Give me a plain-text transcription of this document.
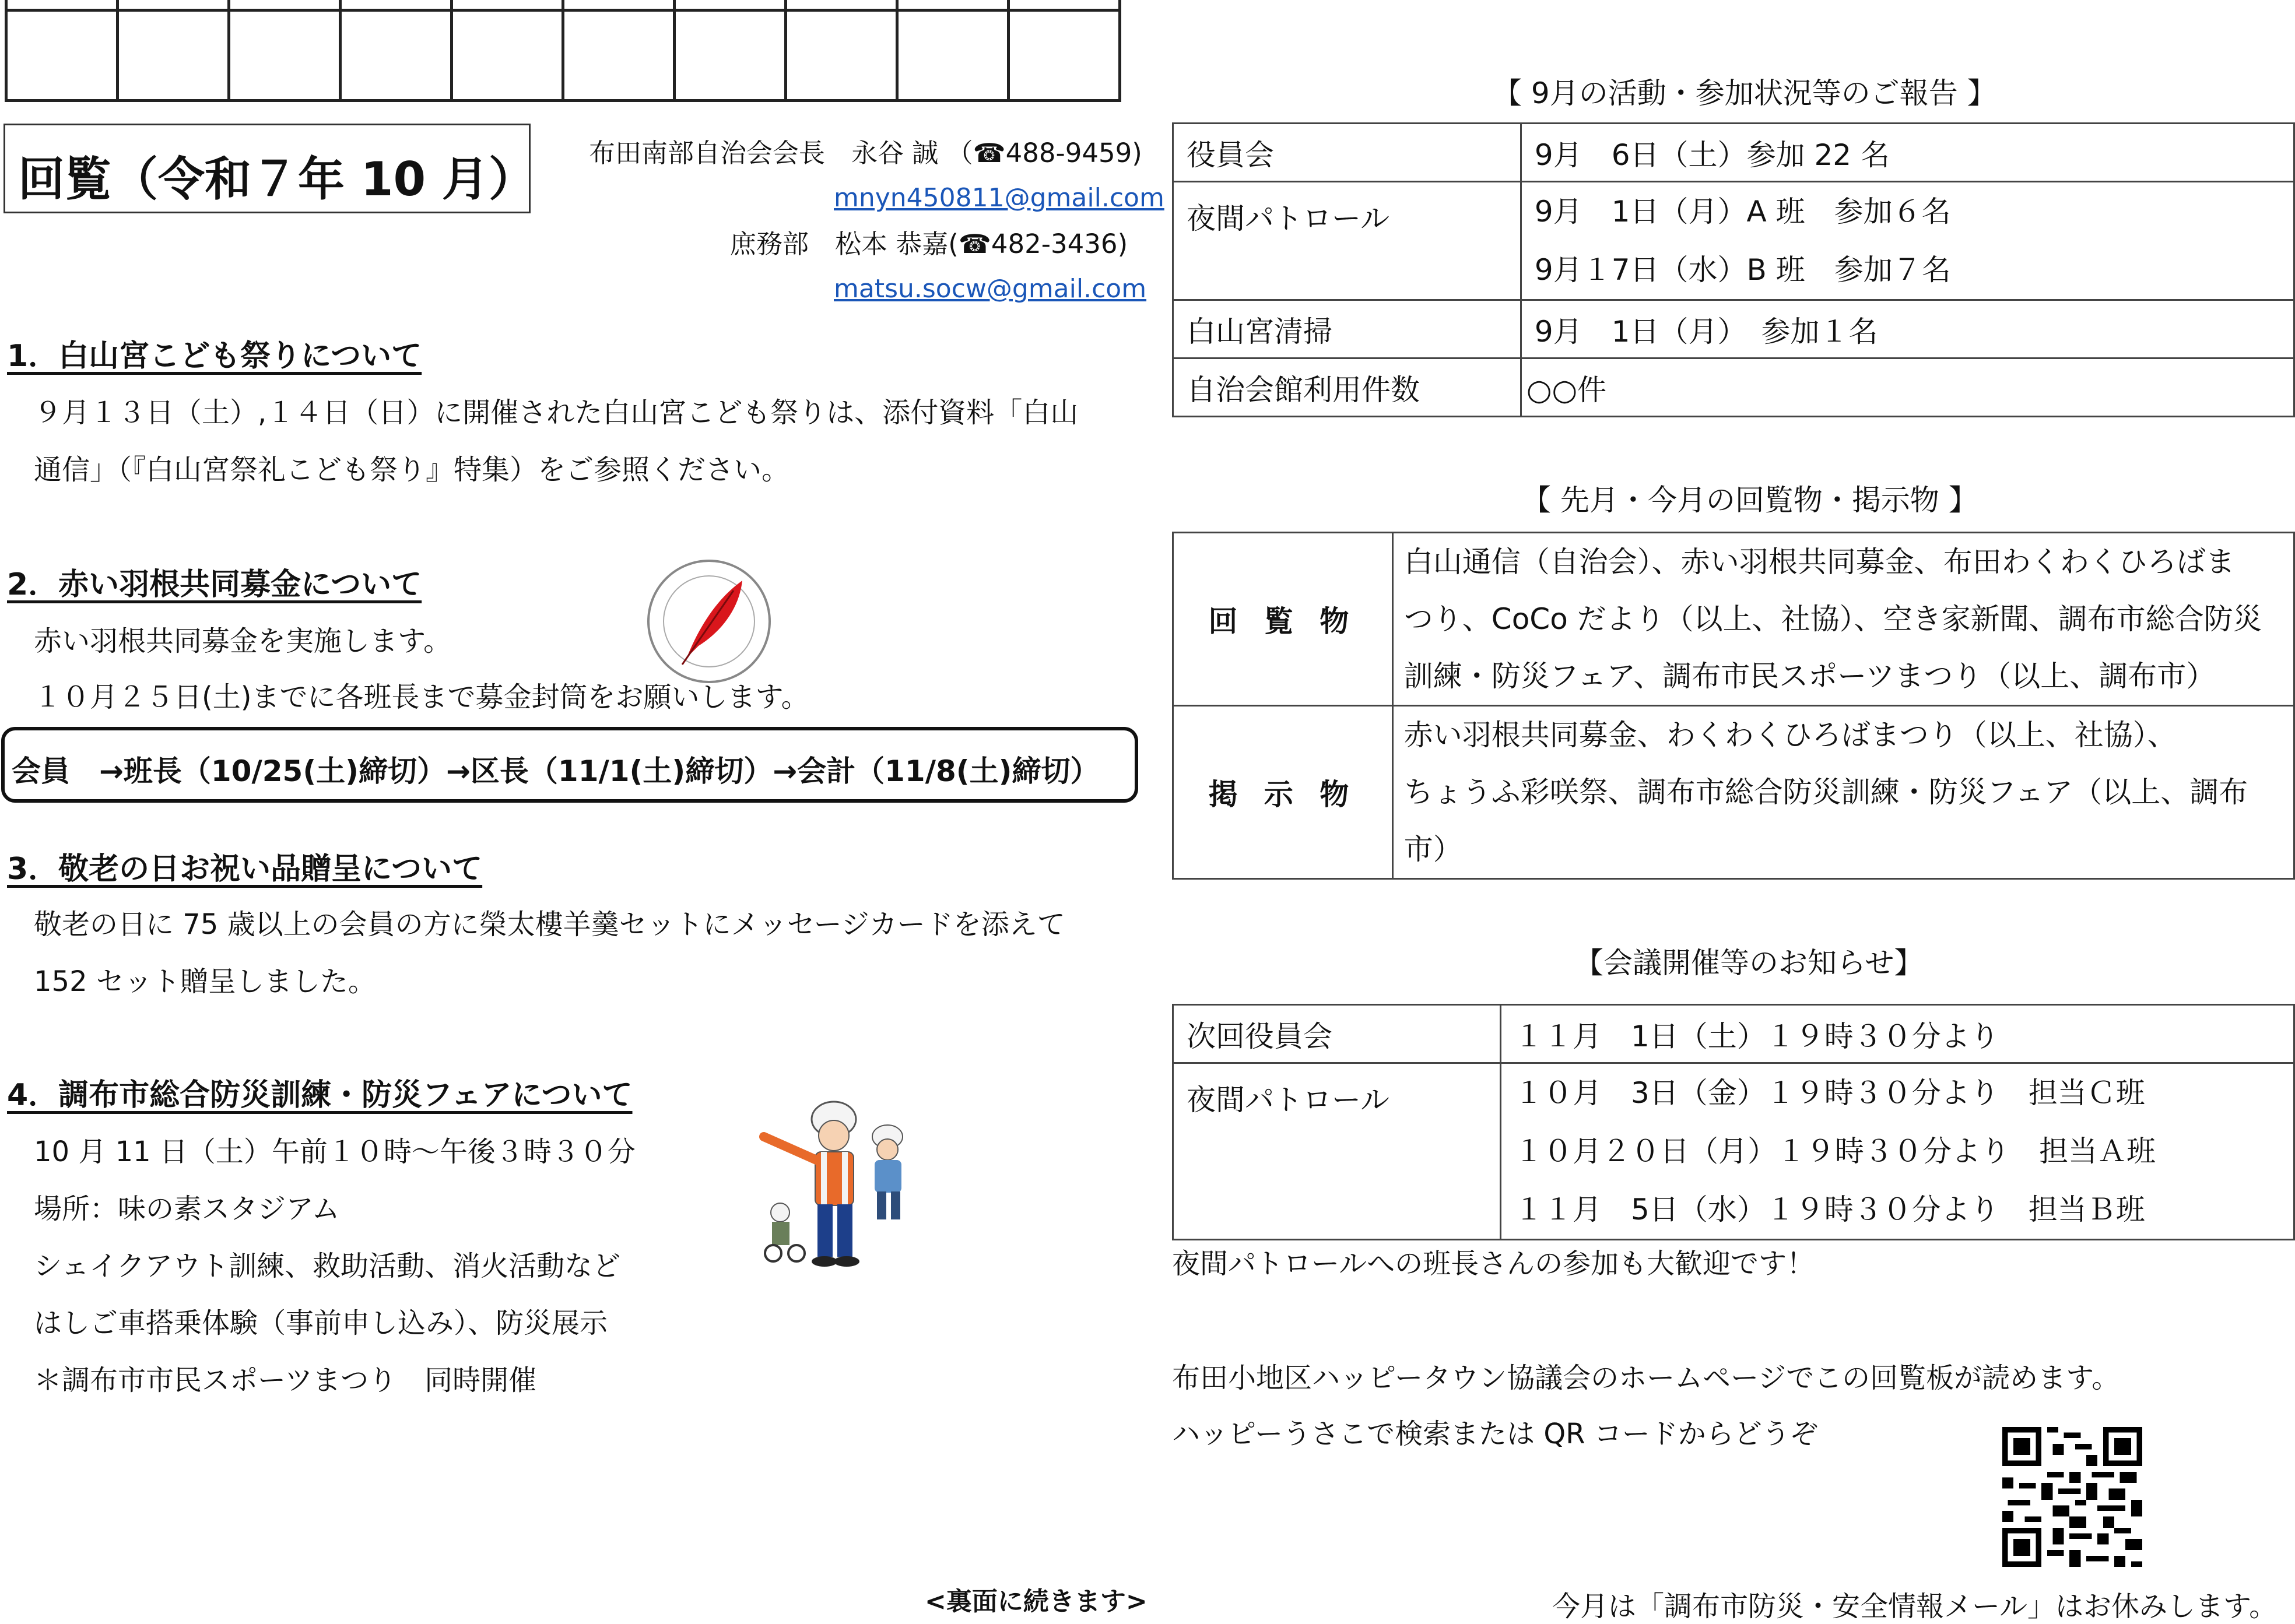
回覧（令和７年 10 月） 布田南部自治会会長　永谷 誠 （☎488-9459)
mnyn450811@gmail.com
庶務部　松本 恭嘉(☎482-3436)
matsu.socw@gmail.com
1．白山宮こども祭りについて
９月１３日（土）,１４日（日）に開催された白山宮こども祭りは、添付資料「白山
通信」（『白山宮祭礼こども祭り』特集）をご参照ください。
2．赤い羽根共同募金について
赤い羽根共同募金を実施します。
１０月２５日(土)までに各班長まで募金封筒をお願いします。
会員　→班長（10/25(土)締切）→区長（11/1(土)締切）→会計（11/8(土)締切）
3．敬老の日お祝い品贈呈について
敬老の日に 75 歳以上の会員の方に榮太樓羊羹セットにメッセージカードを添えて
152 セット贈呈しました。
4．調布市総合防災訓練・防災フェアについて
10 月 11 日（土）午前１０時～午後３時３０分
場所：味の素スタジアム
シェイクアウト訓練、救助活動、消火活動など
はしご車搭乗体験（事前申し込み）、防災展示
＊調布市市民スポーツまつり　同時開催
<裏面に続きます>
【 9月の活動・参加状況等のご報告 】
役員会	9月　6日（土）参加 22 名
夜間パトロール	9月　1日（月）A 班　参加６名
9月１7日（水）B 班　参加７名

白山宮清掃	9月　1日（月）　参加１名
自治会館利用件数	○○件
【 先月・今月の回覧物・掲示物 】
回 覧 物	白山通信（自治会）、赤い羽根共同募金、布田わくわくひろばま
つり、CoCo だより（以上、社協）、空き家新聞、調布市総合防災
訓練・防災フェア、調布市民スポーツまつり（以上、調布市）

掲 示 物	赤い羽根共同募金、わくわくひろばまつり（以上、社協）、
ちょうふ彩咲祭、調布市総合防災訓練・防災フェア（以上、調布
市）
【会議開催等のお知らせ】
次回役員会	１１月　1日（土）１９時３０分より
夜間パトロール	１０月　3日（金）１９時３０分より　担当Ｃ班
１０月２０日（月）１９時３０分より　担当Ａ班
１１月　5日（水）１９時３０分より　担当Ｂ班
夜間パトロールへの班長さんの参加も大歓迎です！
布田小地区ハッピータウン協議会のホームページでこの回覧板が読めます。
ハッピーうさこで検索または QR コードからどうぞ
今月は「調布市防災・安全情報メール」はお休みします。
